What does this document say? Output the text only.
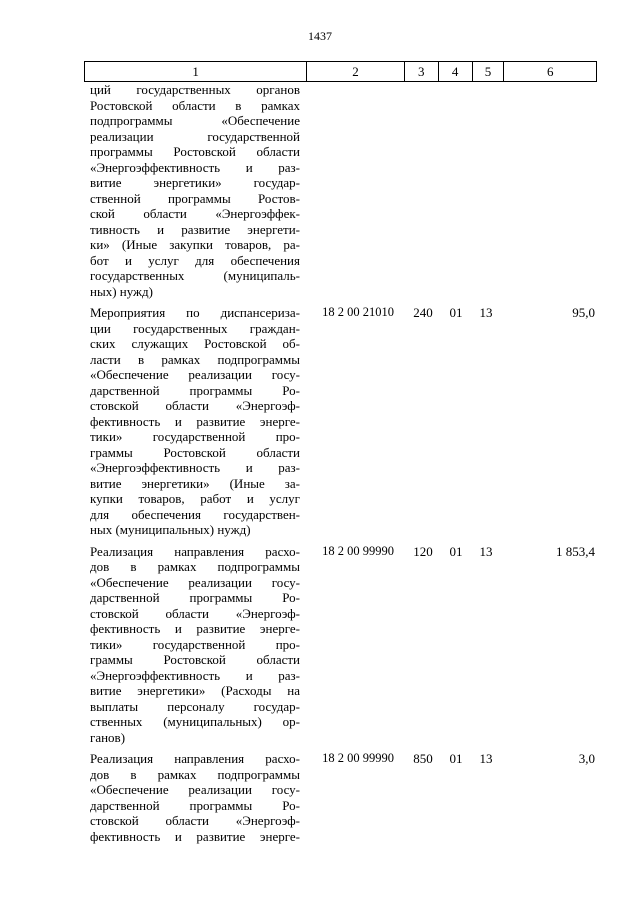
1437
1	2	3	4	5	6
ций государственных органов
Ростовской области в рамках
подпрограммы «Обеспечение
реализации государственной
программы Ростовской области
«Энергоэффективность и раз-
витие энергетики» государ-
ственной программы Ростов-
ской области «Энергоэффек-
тивность и развитие энергети-
ки» (Иные закупки товаров, ра-
бот и услуг для обеспечения
государственных (муниципаль-
ных) нужд)
Мероприятия по диспансериза-
ции государственных граждан-
ских служащих Ростовской об-
ласти в рамках подпрограммы
«Обеспечение реализации госу-
дарственной программы Ро-
стовской области «Энергоэф-
фективность и развитие энерге-
тики» государственной про-
граммы Ростовской области
«Энергоэффективность и раз-
витие энергетики» (Иные за-
купки товаров, работ и услуг
для обеспечения государствен-
ных (муниципальных) нужд)
18 2 00 21010	240	01	13	95,0
Реализация направления расхо-
дов в рамках подпрограммы
«Обеспечение реализации госу-
дарственной программы Ро-
стовской области «Энергоэф-
фективность и развитие энерге-
тики» государственной про-
граммы Ростовской области
«Энергоэффективность и раз-
витие энергетики» (Расходы на
выплаты персоналу государ-
ственных (муниципальных) ор-
ганов)
18 2 00 99990	120	01	13	1 853,4
Реализация направления расхо-
дов в рамках подпрограммы
«Обеспечение реализации госу-
дарственной программы Ро-
стовской области «Энергоэф-
фективность и развитие энерге-
18 2 00 99990	850	01	13	3,0
